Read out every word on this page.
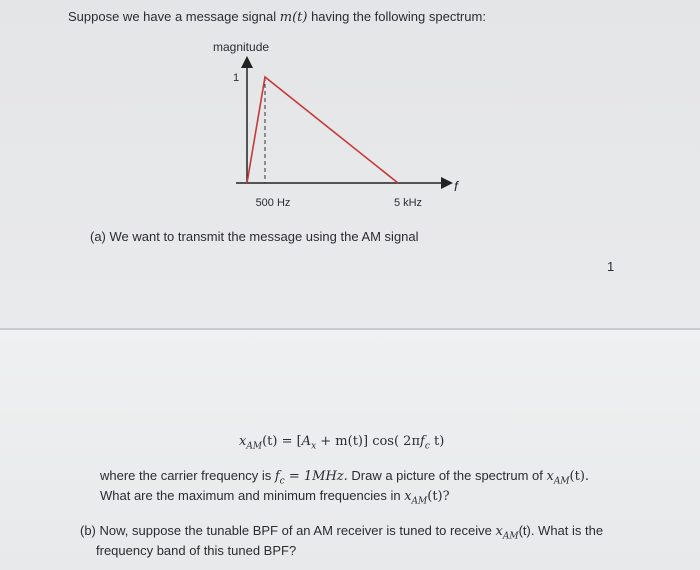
Suppose we have a message signal m(t) having the following spectrum:
magnitude
f
1
500 Hz	5 kHz
(a) We want to transmit the message using the AM signal
1
$x_{AM}(t) = [A_x + m(t)]$ cos( $2\pi f_c$ t)
where the carrier frequency is $f_c = 1MHz$. Draw a picture of the spectrum of $x_{AM}(t)$.
What are the maximum and minimum frequencies in $x_{AM}(t)$?
(b) Now, suppose the tunable BPF of an AM receiver is tuned to receive $x_{AM}(t)$. What is the
frequency band of this tuned BPF?
